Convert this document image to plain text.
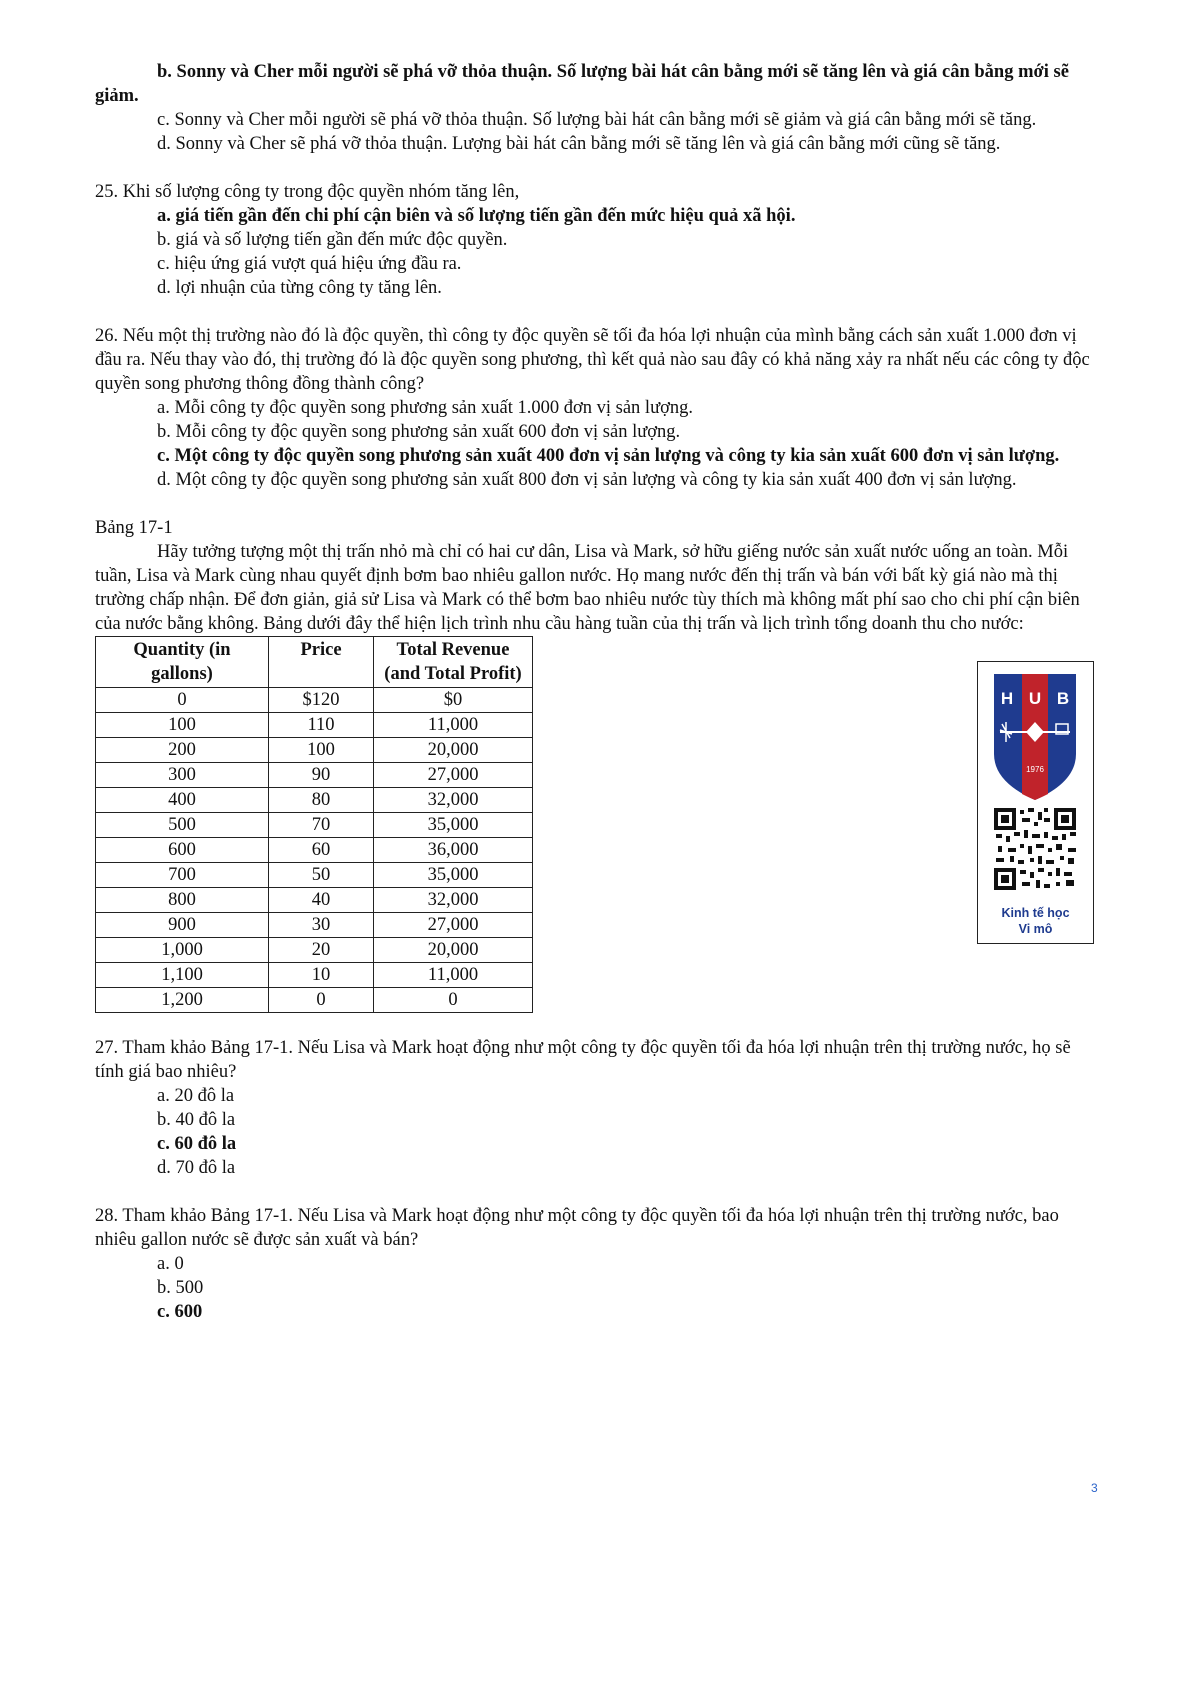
b. Sonny và Cher mỗi người sẽ phá vỡ thỏa thuận. Số lượng bài hát cân bằng mới sẽ tăng lên và giá cân bằng mới sẽ giảm.

c. Sonny và Cher mỗi người sẽ phá vỡ thỏa thuận. Số lượng bài hát cân bằng mới sẽ giảm và giá cân bằng mới sẽ tăng.

d. Sonny và Cher sẽ phá vỡ thỏa thuận. Lượng bài hát cân bằng mới sẽ tăng lên và giá cân bằng mới cũng sẽ tăng.

25. Khi số lượng công ty trong độc quyền nhóm tăng lên,

a. giá tiến gần đến chi phí cận biên và số lượng tiến gần đến mức hiệu quả xã hội.

b. giá và số lượng tiến gần đến mức độc quyền.

c. hiệu ứng giá vượt quá hiệu ứng đầu ra.

d. lợi nhuận của từng công ty tăng lên.

26. Nếu một thị trường nào đó là độc quyền, thì công ty độc quyền sẽ tối đa hóa lợi nhuận của mình bằng cách sản xuất 1.000 đơn vị đầu ra. Nếu thay vào đó, thị trường đó là độc quyền song phương, thì kết quả nào sau đây có khả năng xảy ra nhất nếu các công ty độc quyền song phương thông đồng thành công?

a. Mỗi công ty độc quyền song phương sản xuất 1.000 đơn vị sản lượng.

b. Mỗi công ty độc quyền song phương sản xuất 600 đơn vị sản lượng.

c. Một công ty độc quyền song phương sản xuất 400 đơn vị sản lượng và công ty kia sản xuất 600 đơn vị sản lượng.

d. Một công ty độc quyền song phương sản xuất 800 đơn vị sản lượng và công ty kia sản xuất 400 đơn vị sản lượng.

Bảng 17-1

Hãy tưởng tượng một thị trấn nhỏ mà chỉ có hai cư dân, Lisa và Mark, sở hữu giếng nước sản xuất nước uống an toàn. Mỗi tuần, Lisa và Mark cùng nhau quyết định bơm bao nhiêu gallon nước. Họ mang nước đến thị trấn và bán với bất kỳ giá nào mà thị trường chấp nhận. Để đơn giản, giả sử Lisa và Mark có thể bơm bao nhiêu nước tùy thích mà không mất phí sao cho chi phí cận biên của nước bằng không. Bảng dưới đây thể hiện lịch trình nhu cầu hàng tuần của thị trấn và lịch trình tổng doanh thu cho nước:

Quantity (in gallons)	Price	Total Revenue (and Total Profit)
0	$120	$0
100	110	11,000
200	100	20,000
300	90	27,000
400	80	32,000
500	70	35,000
600	60	36,000
700	50	35,000
800	40	32,000
900	30	27,000
1,000	20	20,000
1,100	10	11,000
1,200	0	0
H U B
1976
Kinh tế học
Vi mô

27. Tham khảo Bảng 17-1. Nếu Lisa và Mark hoạt động như một công ty độc quyền tối đa hóa lợi nhuận trên thị trường nước, họ sẽ tính giá bao nhiêu?

a. 20 đô la

b. 40 đô la

c. 60 đô la

d. 70 đô la

28. Tham khảo Bảng 17-1. Nếu Lisa và Mark hoạt động như một công ty độc quyền tối đa hóa lợi nhuận trên thị trường nước, bao nhiêu gallon nước sẽ được sản xuất và bán?

a. 0

b. 500

c. 600

3
